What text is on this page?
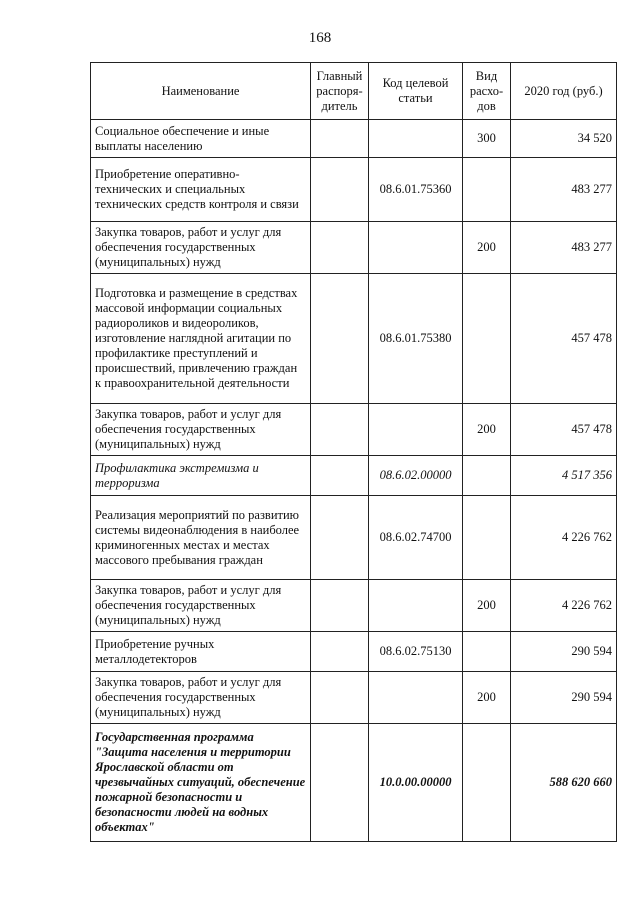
168
Наименование	Главный распоря-дитель	Код целевой статьи	Вид расхо-дов	2020 год (руб.)
Социальное обеспечение и иные выплаты населению			300	34 520
Приобретение оперативно-технических и специальных технических средств контроля и связи		08.6.01.75360		483 277
Закупка товаров, работ и услуг для обеспечения государственных (муниципальных) нужд			200	483 277
Подготовка и размещение в средствах массовой информации социальных радиороликов и видеороликов, изготовление наглядной агитации по профилактике преступлений и происшествий, привлечению граждан к правоохранительной деятельности		08.6.01.75380		457 478
Закупка товаров, работ и услуг для обеспечения государственных (муниципальных) нужд			200	457 478
Профилактика экстремизма и терроризма		08.6.02.00000		4 517 356
Реализация мероприятий по развитию системы видеонаблюдения в наиболее криминогенных местах и местах массового пребывания граждан		08.6.02.74700		4 226 762
Закупка товаров, работ и услуг для обеспечения государственных (муниципальных) нужд			200	4 226 762
Приобретение ручных металлодетекторов		08.6.02.75130		290 594
Закупка товаров, работ и услуг для обеспечения государственных (муниципальных) нужд			200	290 594
Государственная программа "Защита населения и территории Ярославской области от чрезвычайных ситуаций, обеспечение пожарной безопасности и безопасности людей на водных объектах"		10.0.00.00000		588 620 660
